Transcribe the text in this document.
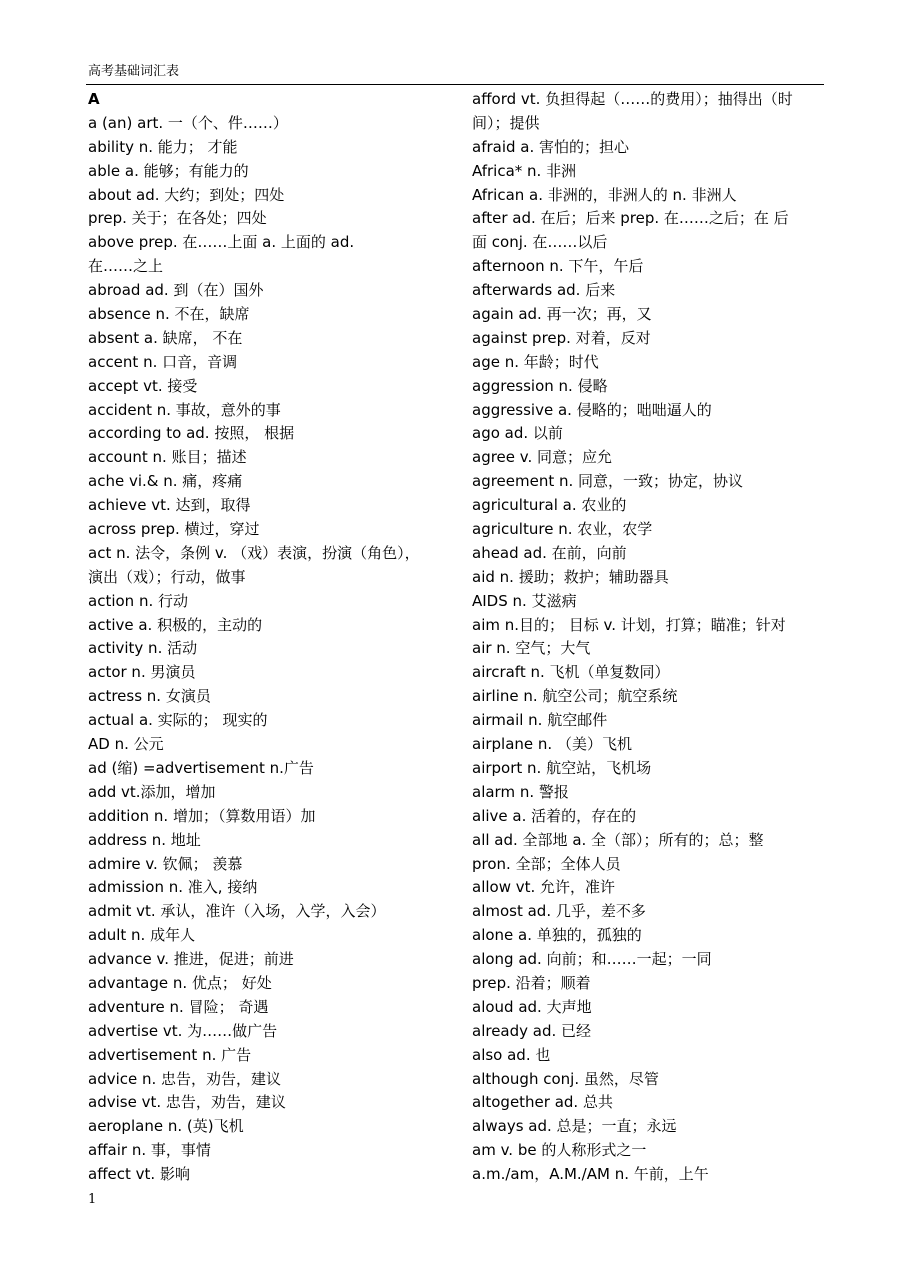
高考基础词汇表
A
a (an) art. 一（个、件……）
ability n. 能力； 才能
able a. 能够；有能力的
about ad. 大约；到处；四处
prep. 关于；在各处；四处
above prep. 在……上面 a. 上面的 ad.
在……之上
abroad ad. 到（在）国外
absence n. 不在，缺席
absent a. 缺席， 不在
accent n. 口音，音调
accept vt. 接受
accident n. 事故，意外的事
according to ad. 按照， 根据
account n. 账目；描述
ache vi.& n. 痛，疼痛
achieve vt. 达到，取得
across prep. 横过，穿过
act n. 法令，条例 v. （戏）表演，扮演（角色），
演出（戏）；行动，做事
action n. 行动
active a. 积极的，主动的
activity n. 活动
actor n. 男演员
actress n. 女演员
actual a. 实际的； 现实的
AD n. 公元
ad (缩) =advertisement n.广告
add vt.添加，增加
addition n. 增加；（算数用语）加
address n. 地址
admire v. 钦佩； 羡慕
admission n. 准入, 接纳
admit vt. 承认，准许（入场，入学，入会）
adult n. 成年人
advance v. 推进，促进；前进
advantage n. 优点； 好处
adventure n. 冒险； 奇遇
advertise vt. 为……做广告
advertisement n. 广告
advice n. 忠告，劝告，建议
advise vt. 忠告，劝告，建议
aeroplane n. (英)飞机
affair n. 事，事情
affect vt. 影响
afford vt. 负担得起（……的费用）；抽得出（时
间）；提供
afraid a. 害怕的；担心
Africa* n. 非洲
African a. 非洲的，非洲人的 n. 非洲人
after ad. 在后；后来 prep. 在……之后；在 后
面 conj. 在……以后
afternoon n. 下午，午后
afterwards ad. 后来
again ad. 再一次；再，又
against prep. 对着，反对
age n. 年龄；时代
aggression n. 侵略
aggressive a. 侵略的；咄咄逼人的
ago ad. 以前
agree v. 同意；应允
agreement n. 同意，一致；协定，协议
agricultural a. 农业的
agriculture n. 农业，农学
ahead ad. 在前，向前
aid n. 援助；救护；辅助器具
AIDS n. 艾滋病
aim n.目的； 目标 v. 计划，打算；瞄准；针对
air n. 空气；大气
aircraft n. 飞机（单复数同）
airline n. 航空公司；航空系统
airmail n. 航空邮件
airplane n. （美）飞机
airport n. 航空站，飞机场
alarm n. 警报
alive a. 活着的，存在的
all ad. 全部地 a. 全（部）；所有的；总；整
pron. 全部；全体人员
allow vt. 允许，准许
almost ad. 几乎，差不多
alone a. 单独的，孤独的
along ad. 向前；和……一起；一同
prep. 沿着；顺着
aloud ad. 大声地
already ad. 已经
also ad. 也
although conj. 虽然，尽管
altogether ad. 总共
always ad. 总是；一直；永远
am v. be 的人称形式之一
a.m./am，A.M./AM n. 午前，上午
1
